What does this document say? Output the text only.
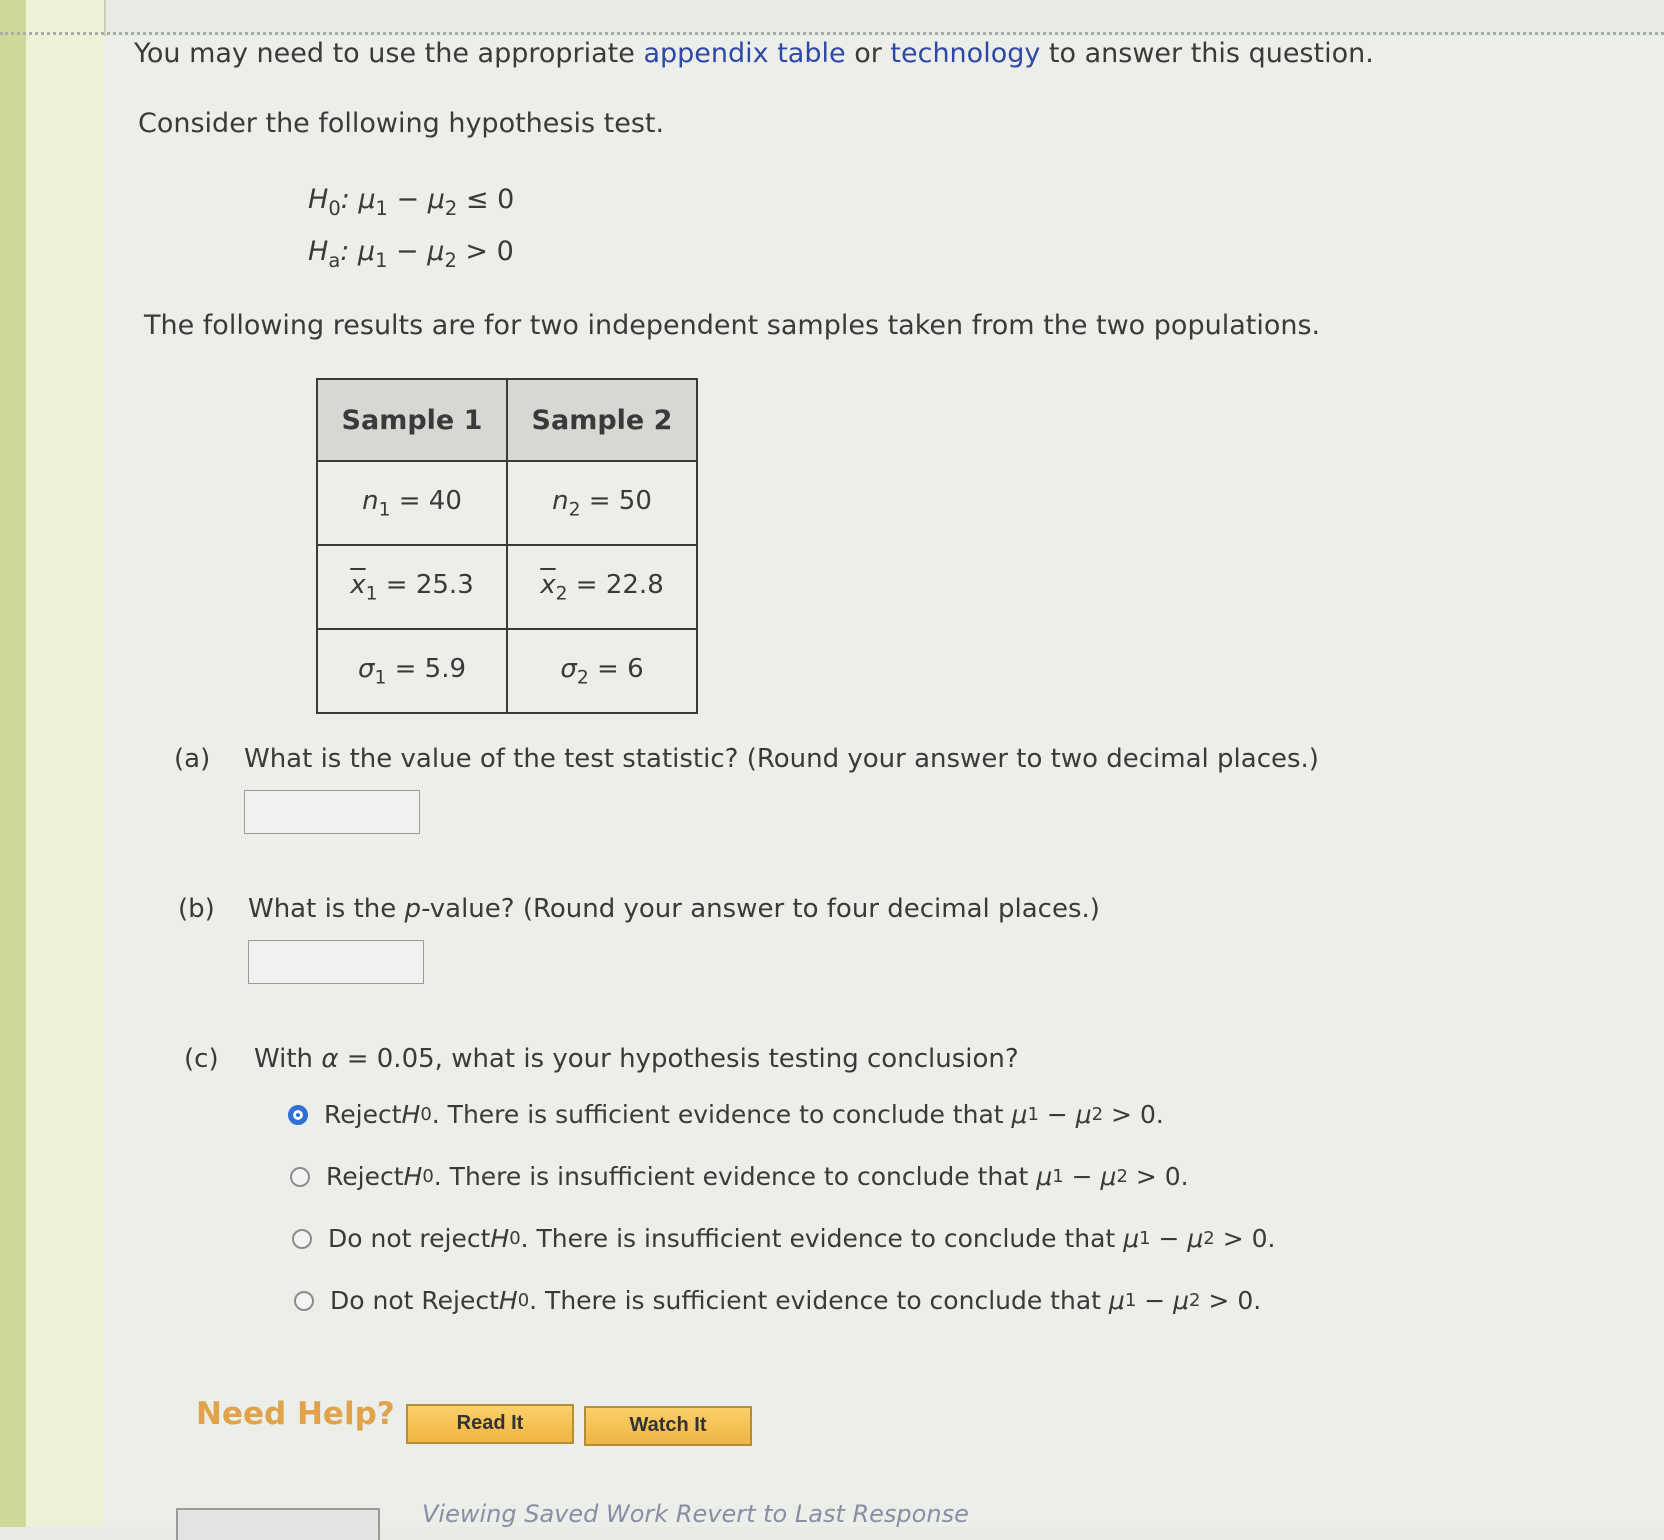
You may need to use the appropriate appendix table or technology to answer this question.
Consider the following hypothesis test.
$H_0$: $\mu_1 - \mu_2 \le 0$
$H_a$: $\mu_1 - \mu_2 > 0$
The following results are for two independent samples taken from the two populations.
Sample 1	Sample 2
$n_1 = 40$	$n_2 = 50$
$\overline{x}_1 = 25.3$	$\overline{x}_2 = 22.8$
$\sigma_1 = 5.9$	$\sigma_2 = 6$
(a) What is the value of the test statistic? (Round your answer to two decimal places.)
(b) What is the p-value? (Round your answer to four decimal places.)
(c) With α = 0.05, what is your hypothesis testing conclusion?
Reject H 0 . There is sufficient evidence to conclude that
μ 1 − μ 2
> 0.
Reject H 0 . There is insufficient evidence to conclude that
μ 1 − μ 2
> 0.
Do not reject H 0 . There is insufficient evidence to conclude that
μ 1 − μ 2
> 0.
Do not Reject H 0 . There is sufficient evidence to conclude that
μ 1 − μ 2
> 0.
Need Help?	Read It	Watch It
Viewing Saved Work Revert to Last Response
